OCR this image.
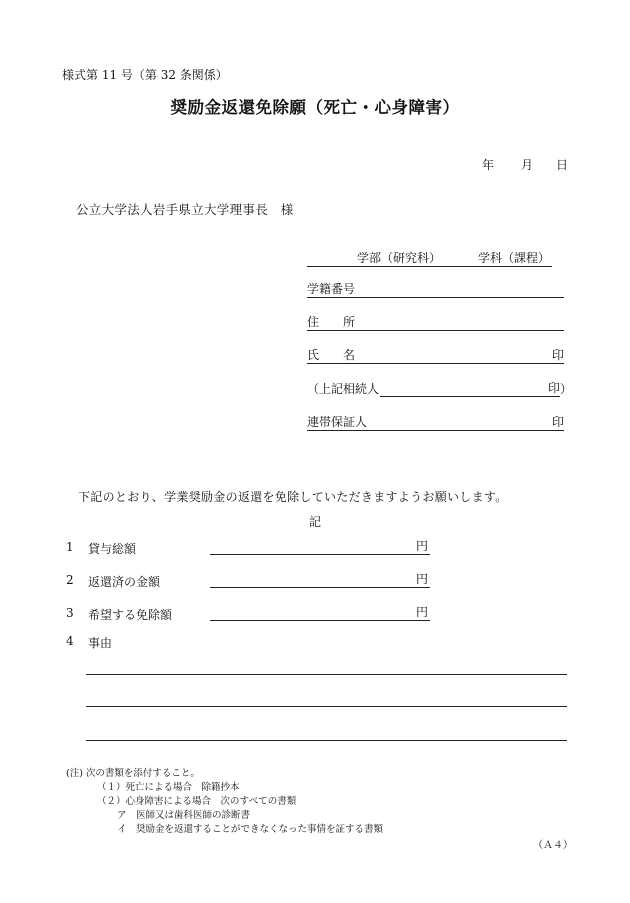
様式第 11 号（第 32 条関係）
奨励金返還免除願（死亡・心身障害）
年 月 日
公立大学法人岩手県立大学理事長　様
学部（研究科）	学科（課程）
学籍番号
住　　所
氏　　名	印
（上記相続人	印 ）
連帯保証人	印
下記のとおり、学業奨励金の返還を免除していただきますようお願いします。
記
1 貸与総額	円
2 返還済の金額	円
3 希望する免除額	円
4 事由
(注) 次の書類を添付すること。
（１）死亡による場合　除籍抄本
（２）心身障害による場合　次のすべての書類
ア　医師又は歯科医師の診断書
イ　奨励金を返還することができなくなった事情を証する書類
（Ａ４）
